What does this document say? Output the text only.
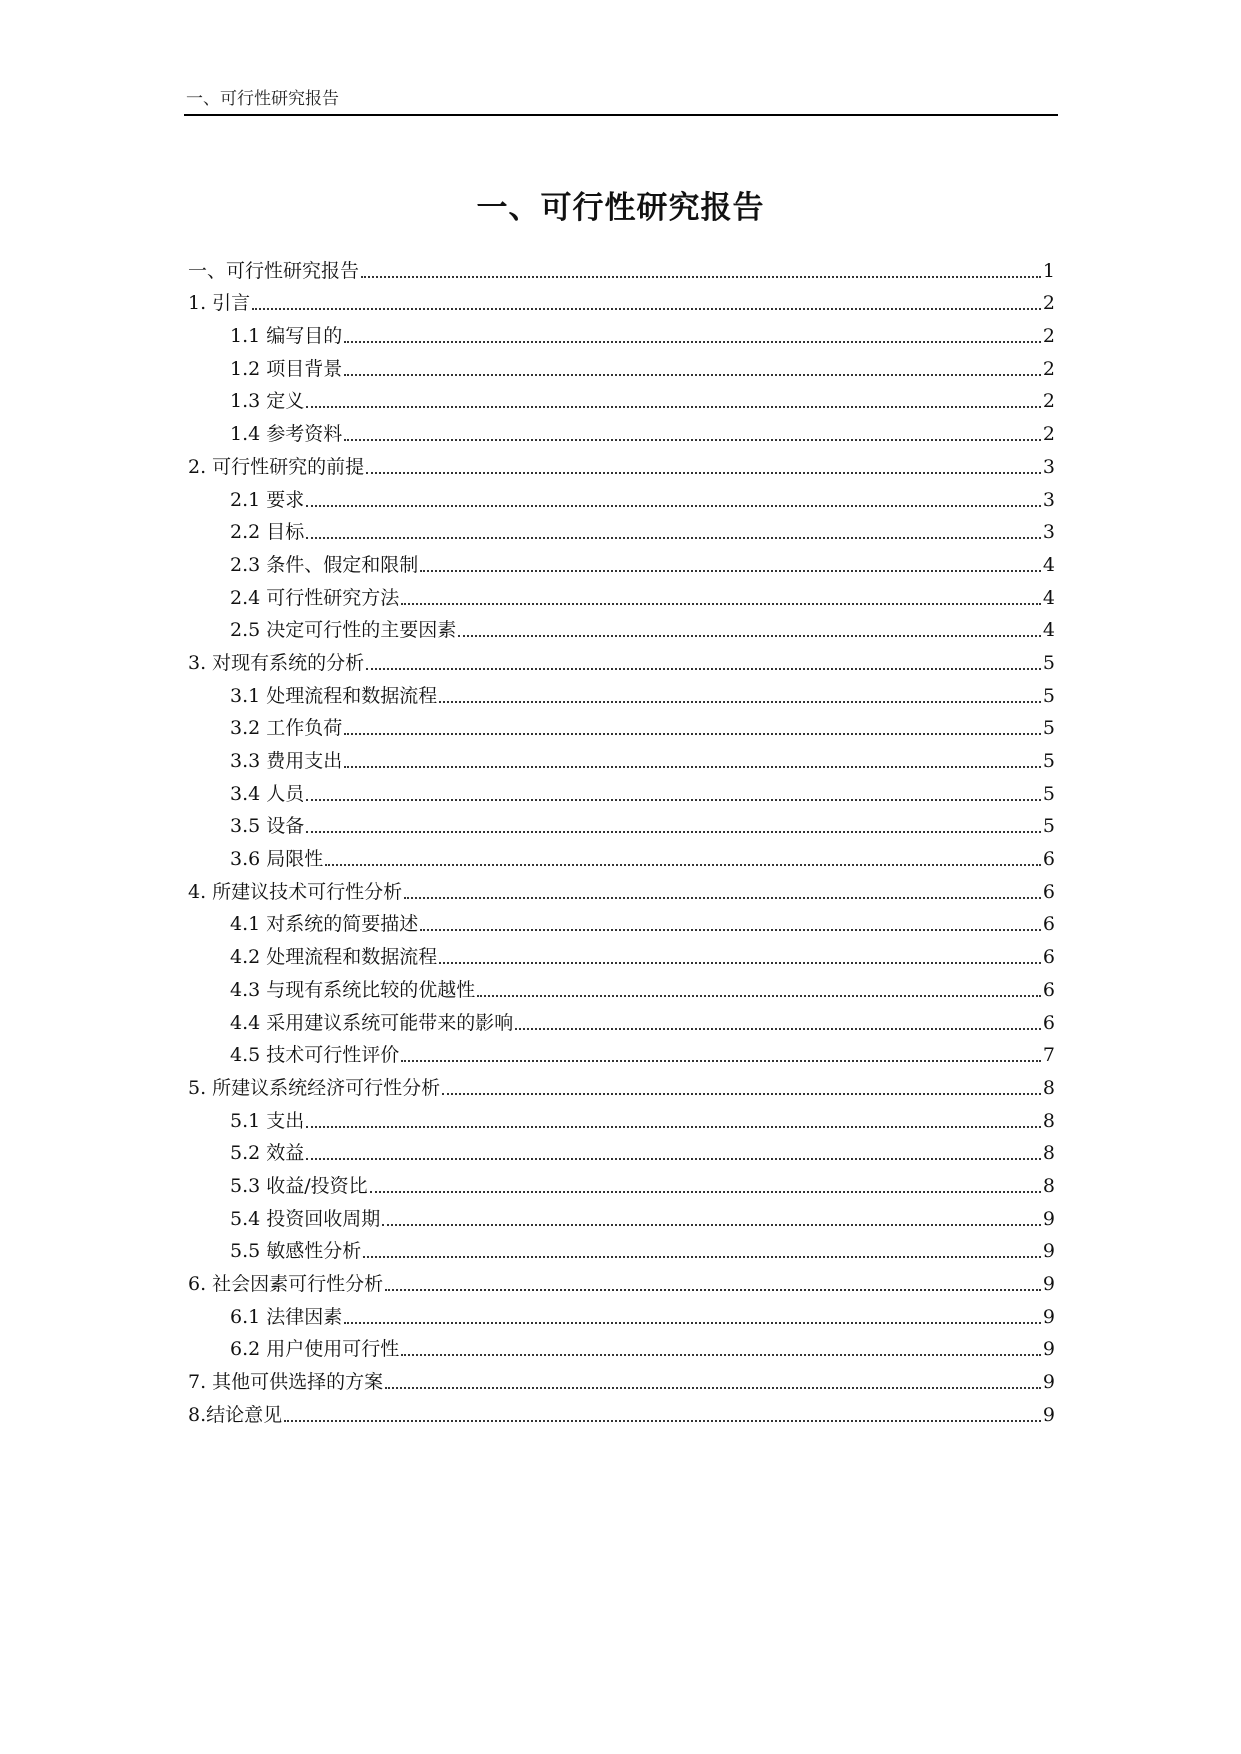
一、可行性研究报告
一、可行性研究报告
一、可行性研究报告	1
1. 引言	2
1.1 编写目的	2
1.2 项目背景	2
1.3 定义	2
1.4 参考资料	2
2. 可行性研究的前提	3
2.1 要求	3
2.2 目标	3
2.3 条件、假定和限制	4
2.4 可行性研究方法	4
2.5 决定可行性的主要因素	4
3. 对现有系统的分析	5
3.1 处理流程和数据流程	5
3.2 工作负荷	5
3.3 费用支出	5
3.4 人员	5
3.5 设备	5
3.6 局限性	6
4. 所建议技术可行性分析	6
4.1 对系统的简要描述	6
4.2 处理流程和数据流程	6
4.3 与现有系统比较的优越性	6
4.4 采用建议系统可能带来的影响	6
4.5 技术可行性评价	7
5. 所建议系统经济可行性分析	8
5.1 支出	8
5.2 效益	8
5.3 收益/投资比	8
5.4 投资回收周期	9
5.5 敏感性分析	9
6. 社会因素可行性分析	9
6.1 法律因素	9
6.2 用户使用可行性	9
7. 其他可供选择的方案	9
8.结论意见	9
